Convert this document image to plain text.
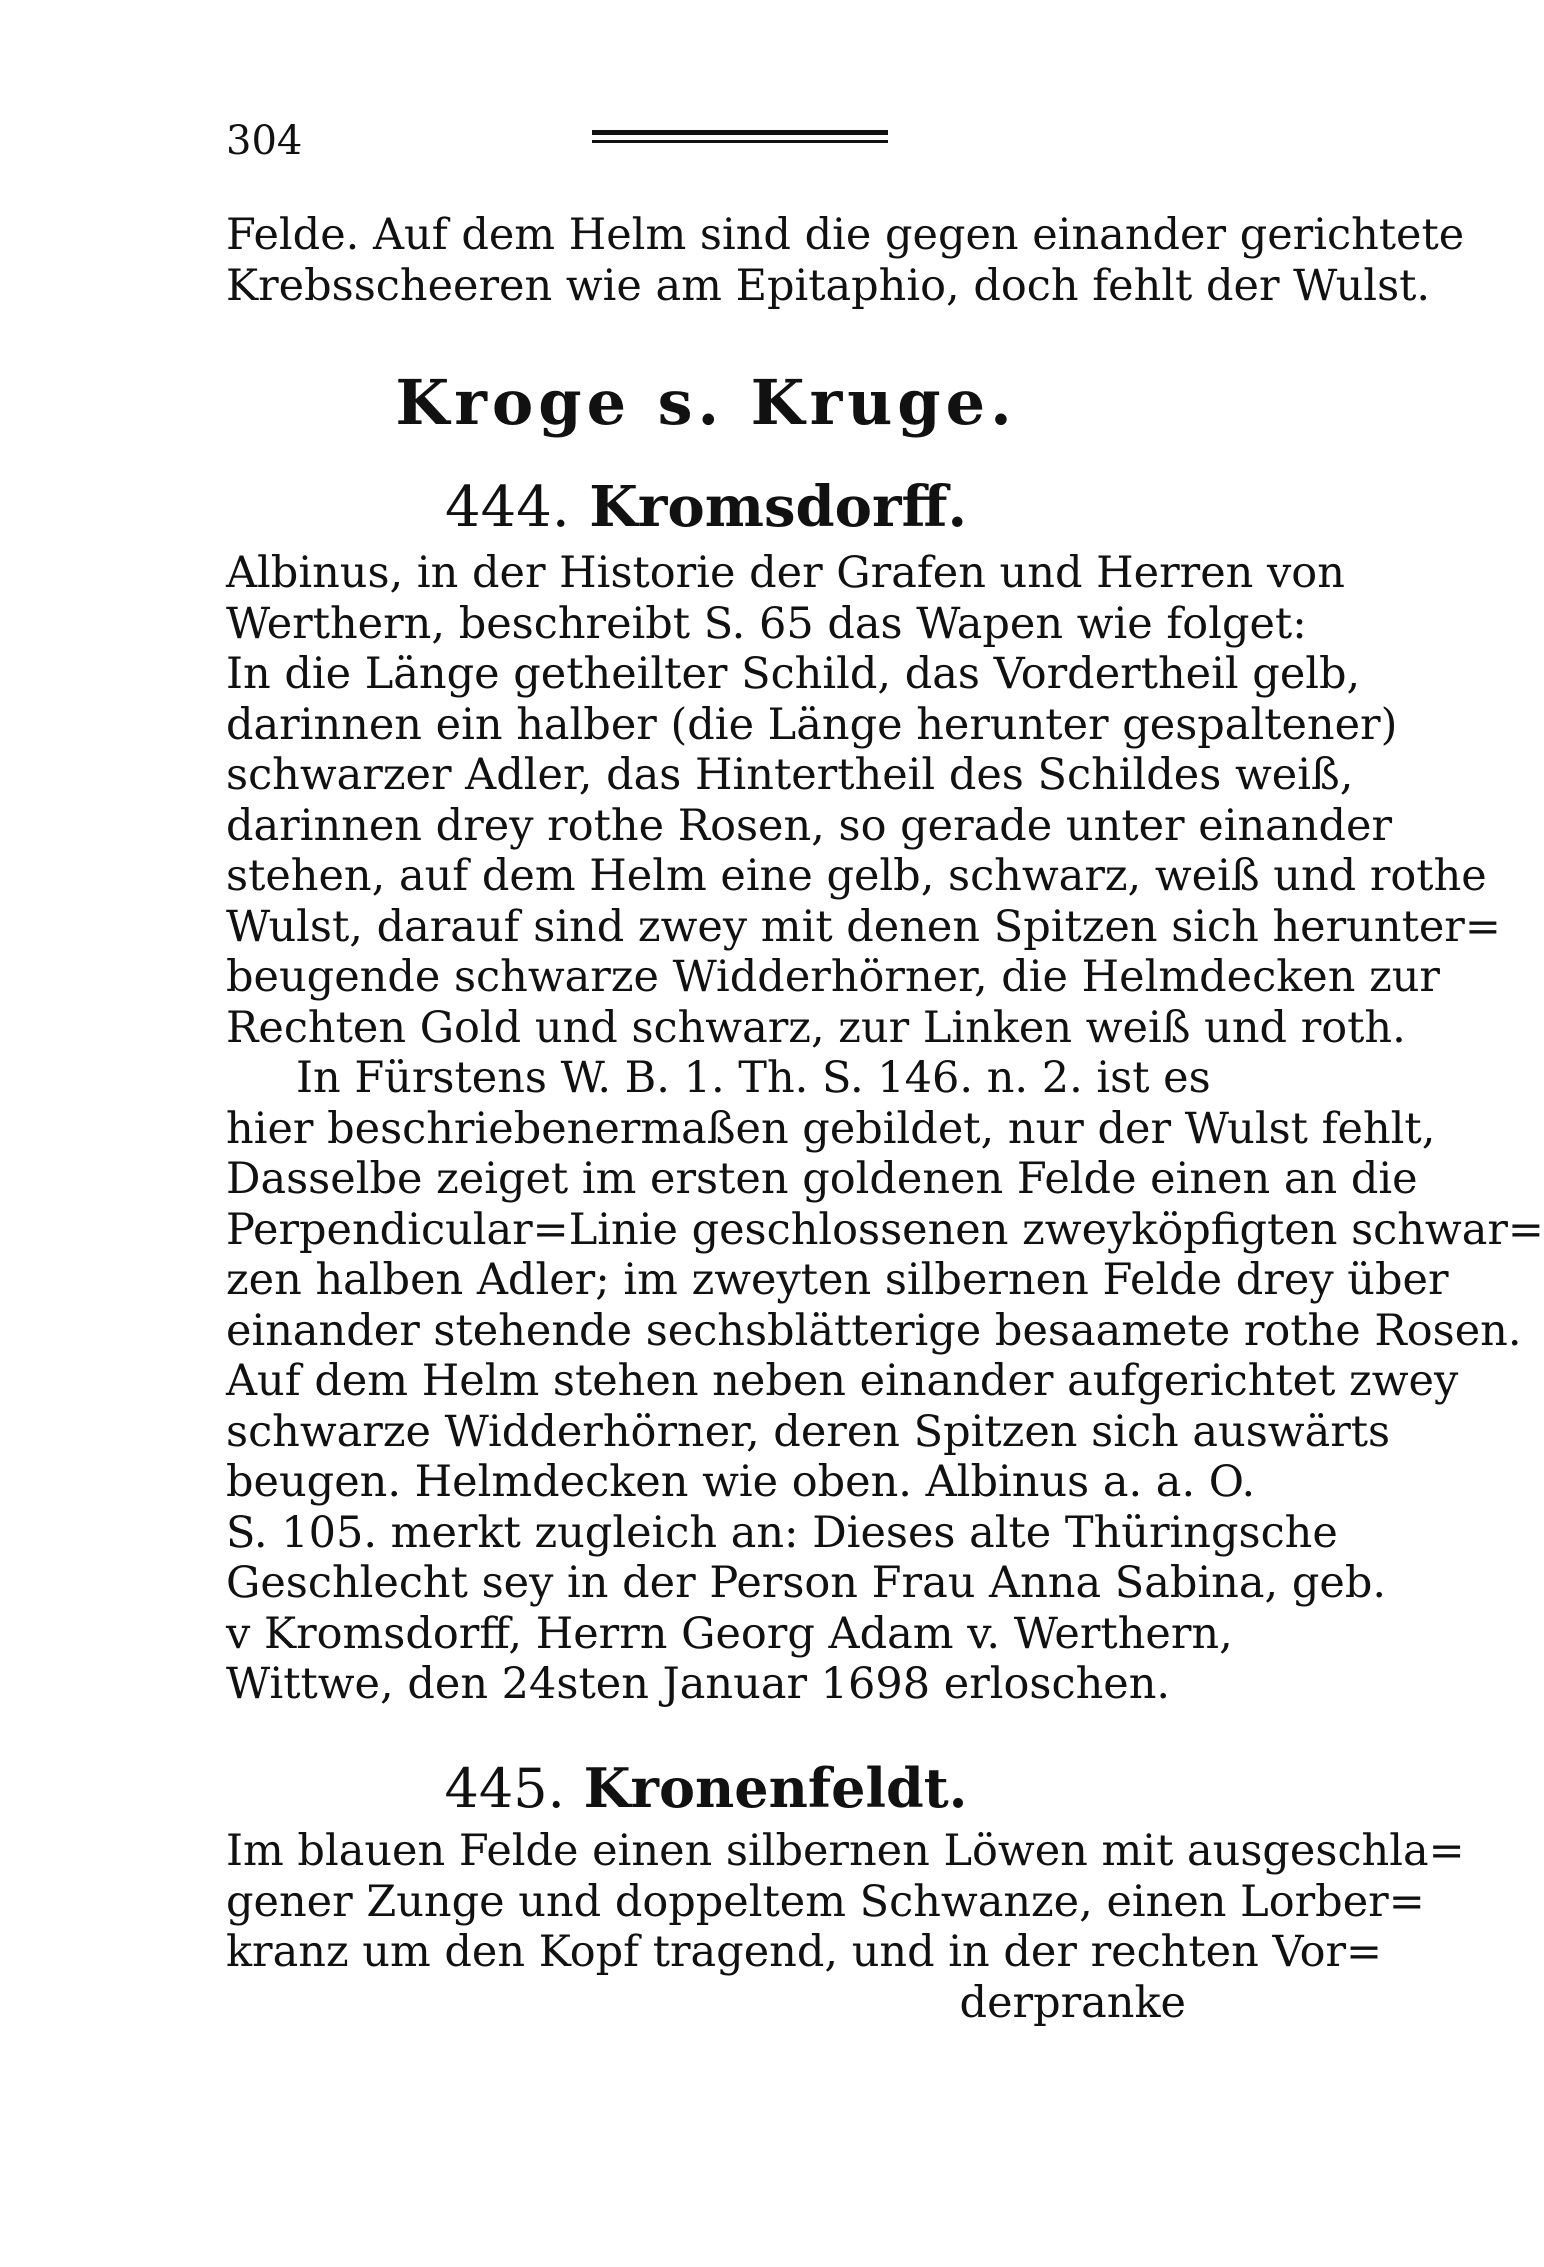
304
Felde. Auf dem Helm sind die gegen einander gerichtete
Krebsscheeren wie am Epitaphio, doch fehlt der Wulst.
Kroge s. Kruge.
444. Kromsdorff.
Albinus, in der Historie der Grafen und Herren von
Werthern, beschreibt S. 65 das Wapen wie folget:
In die Länge getheilter Schild, das Vordertheil gelb,
darinnen ein halber (die Länge herunter gespaltener)
schwarzer Adler, das Hintertheil des Schildes weiß,
darinnen drey rothe Rosen, so gerade unter einander
stehen, auf dem Helm eine gelb, schwarz, weiß und rothe
Wulst, darauf sind zwey mit denen Spitzen sich herunter=
beugende schwarze Widderhörner, die Helmdecken zur
Rechten Gold und schwarz, zur Linken weiß und roth.
In Fürstens W. B. 1. Th. S. 146. n. 2. ist es
hier beschriebenermaßen gebildet, nur der Wulst fehlt,
Dasselbe zeiget im ersten goldenen Felde einen an die
Perpendicular=Linie geschlossenen zweyköpfigten schwar=
zen halben Adler; im zweyten silbernen Felde drey über
einander stehende sechsblätterige besaamete rothe Rosen.
Auf dem Helm stehen neben einander aufgerichtet zwey
schwarze Widderhörner, deren Spitzen sich auswärts
beugen. Helmdecken wie oben. Albinus a. a. O.
S. 105. merkt zugleich an: Dieses alte Thüringsche
Geschlecht sey in der Person Frau Anna Sabina, geb.
v Kromsdorff, Herrn Georg Adam v. Werthern,
Wittwe, den 24sten Januar 1698 erloschen.
445. Kronenfeldt.
Im blauen Felde einen silbernen Löwen mit ausgeschla=
gener Zunge und doppeltem Schwanze, einen Lorber=
kranz um den Kopf tragend, und in der rechten Vor=
derpranke
